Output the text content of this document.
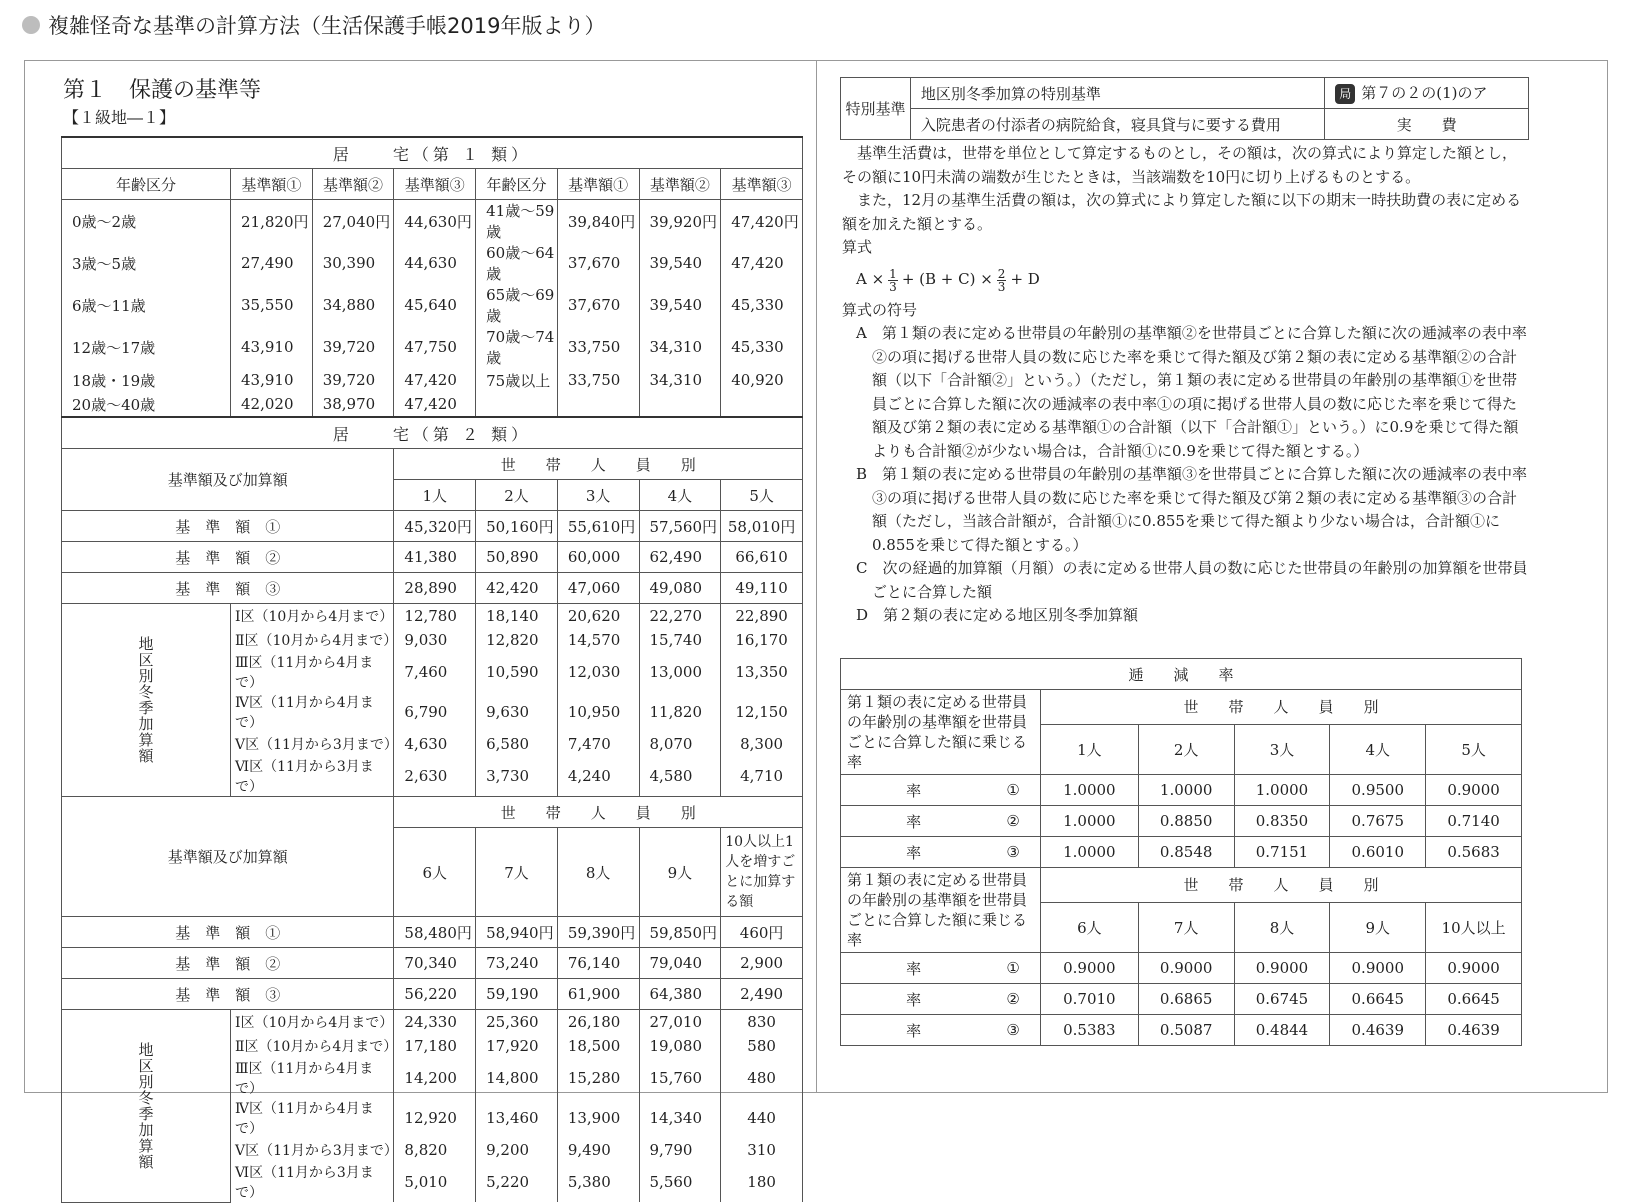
複雑怪奇な基準の計算方法（生活保護手帳2019年版より）
第１　保護の基準等
【１級地―１】
居　　宅（第 １ 類）							
年齢区分	基準額①	基準額②	基準額③	年齢区分	基準額①	基準額②	基準額③
0歳～2歳	21,820円	27,040円	44,630円	41歳～59歳	39,840円	39,920円	47,420円
3歳～5歳	27,490	30,390	44,630	60歳～64歳	37,670	39,540	47,420
6歳～11歳	35,550	34,880	45,640	65歳～69歳	37,670	39,540	45,330
12歳～17歳	43,910	39,720	47,750	70歳～74歳	33,750	34,310	45,330
18歳・19歳	43,910	39,720	47,420	75歳以上	33,750	34,310	40,920
20歳～40歳	42,020	38,970	47,420				
居　　宅（第 ２ 類）							
基準額及び加算額			世　　帯　　人　　員　　別				
			1人	2人	3人	4人	5人
基　準　額　①			45,320円	50,160円	55,610円	57,560円	58,010円
基　準　額　②			41,380	50,890	60,000	62,490	66,610
基　準　額　③			28,890	42,420	47,060	49,080	49,110
地区別冬季加算額	Ⅰ区（10月から4月まで）		12,780	18,140	20,620	22,270	22,890
	Ⅱ区（10月から4月まで）		9,030	12,820	14,570	15,740	16,170
	Ⅲ区（11月から4月まで）		7,460	10,590	12,030	13,000	13,350
	Ⅳ区（11月から4月まで）		6,790	9,630	10,950	11,820	12,150
	Ⅴ区（11月から3月まで）		4,630	6,580	7,470	8,070	8,300
	Ⅵ区（11月から3月まで）		2,630	3,730	4,240	4,580	4,710
基準額及び加算額			世　　帯　　人　　員　　別				
			6人	7人	8人	9人	10人以上1人を増すごとに加算する額
基　準　額　①			58,480円	58,940円	59,390円	59,850円	460円
基　準　額　②			70,340	73,240	76,140	79,040	2,900
基　準　額　③			56,220	59,190	61,900	64,380	2,490
地区別冬季加算額	Ⅰ区（10月から4月まで）		24,330	25,360	26,180	27,010	830
	Ⅱ区（10月から4月まで）		17,180	17,920	18,500	19,080	580
	Ⅲ区（11月から4月まで）		14,200	14,800	15,280	15,760	480
	Ⅳ区（11月から4月まで）		12,920	13,460	13,900	14,340	440
	Ⅴ区（11月から3月まで）		8,820	9,200	9,490	9,790	310
	Ⅵ区（11月から3月まで）		5,010	5,220	5,380	5,560	180
特別基準	地区別冬季加算の特別基準	局 第７の２の(1)のア
	入院患者の付添者の病院給食，寝具貸与に要する費用	実　　費

基準生活費は，世帯を単位として算定するものとし，その額は，次の算式により算定した額とし，その額に10円未満の端数が生じたときは，当該端数を10円に切り上げるものとする。

また，12月の基準生活費の額は，次の算式により算定した額に以下の期末一時扶助費の表に定める額を加えた額とする。

算式

$A \times \frac{1}{3} + (B + C) \times \frac{2}{3} + D$

算式の符号

A　第１類の表に定める世帯員の年齢別の基準額②を世帯員ごとに合算した額に次の逓減率の表中率②の項に掲げる世帯人員の数に応じた率を乗じて得た額及び第２類の表に定める基準額②の合計額（以下「合計額②」という。）（ただし，第１類の表に定める世帯員の年齢別の基準額①を世帯員ごとに合算した額に次の逓減率の表中率①の項に掲げる世帯人員の数に応じた率を乗じて得た額及び第２類の表に定める基準額①の合計額（以下「合計額①」という。）に0.9を乗じて得た額よりも合計額②が少ない場合は，合計額①に0.9を乗じて得た額とする。）

B　第１類の表に定める世帯員の年齢別の基準額③を世帯員ごとに合算した額に次の逓減率の表中率③の項に掲げる世帯人員の数に応じた率を乗じて得た額及び第２類の表に定める基準額③の合計額（ただし，当該合計額が，合計額①に0.855を乗じて得た額より少ない場合は，合計額①に0.855を乗じて得た額とする。）

C　次の経過的加算額（月額）の表に定める世帯人員の数に応じた世帯員の年齢別の加算額を世帯員ごとに合算した額

D　第２類の表に定める地区別冬季加算額

逓　　減　　率						
第１類の表に定める世帯員の年齢別の基準額を世帯員ごとに合算した額に乗じる率		世　　帯　　人　　員　　別				
		1人	2人	3人	4人	5人
率	①	1.0000	1.0000	1.0000	0.9500	0.9000
率	②	1.0000	0.8850	0.8350	0.7675	0.7140
率	③	1.0000	0.8548	0.7151	0.6010	0.5683
第１類の表に定める世帯員の年齢別の基準額を世帯員ごとに合算した額に乗じる率		世　　帯　　人　　員　　別				
		6人	7人	8人	9人	10人以上
率	①	0.9000	0.9000	0.9000	0.9000	0.9000
率	②	0.7010	0.6865	0.6745	0.6645	0.6645
率	③	0.5383	0.5087	0.4844	0.4639	0.4639
